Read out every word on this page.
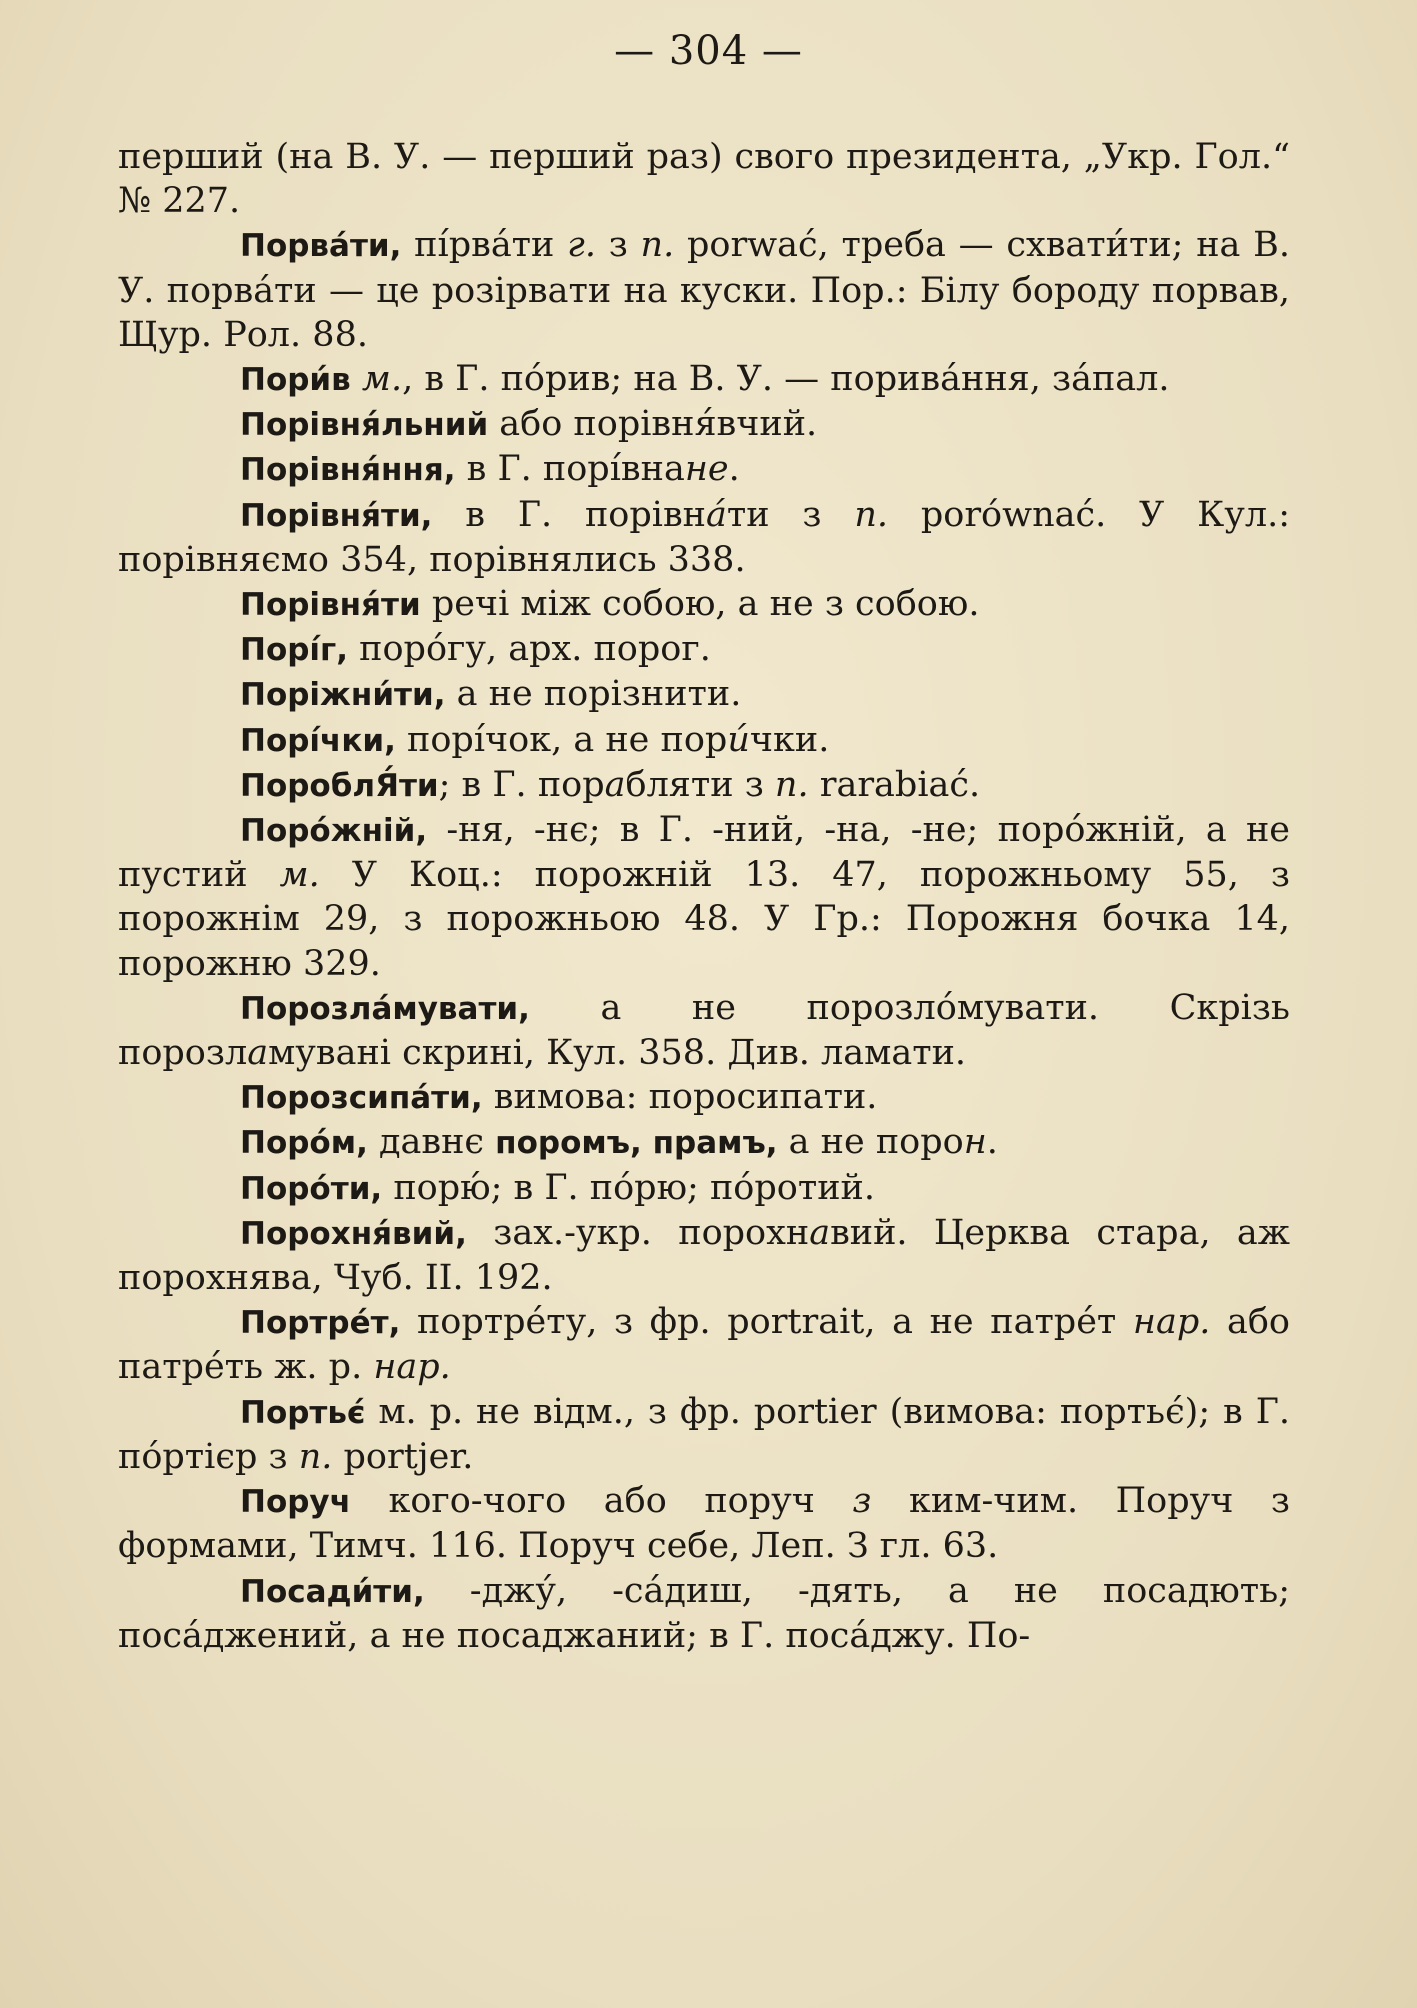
— 304 —

перший (на В. У. — перший раз) свого президента, „Укр. Гол.“ № 227.

Порва́ти, пі́рва́ти г. з п. porwać, треба — схвати́ти; на В. У. порва́ти — це розірвати на куски. Пор.: Білу бороду порвав, Щур. Рол. 88.

Пори́в м., в Г. по́рив; на В. У. — порива́ння, за́пал.

Порівня́льний або порівня́вчий.

Порівня́ння, в Г. порі́внане.

Порівня́ти, в Г. порівна́ти з п. porównać. У Кул.: порівняємо 354, порівнялись 338.

Порівня́ти речі між собою, а не з собою.

Порі́г, поро́гу, арх. порог.

Поріжни́ти, а не порізнити.

Порі́чки, порі́чок, а не пори́чки.

ПороблЯ́ти; в Г. порабляти з п. rarabiać.

Поро́жній, -ня, -нє; в Г. -ний, -на, -не; поро́жній, а не пустий м. У Коц.: порожній 13. 47, порожньому 55, з порожнім 29, з порожньою 48. У Гр.: Порожня бочка 14, порожню 329.

Порозла́мувати, а не порозло́мувати. Скрізь порозламувані скрині, Кул. 358. Див. ламати.

Порозсипа́ти, вимова: поросипати.

Поро́м, давнє поромъ, прамъ, а не порон.

Поро́ти, порю́; в Г. по́рю; по́ротий.

Порохня́вий, зах.-укр. порохнавий. Церква стара, аж порохнява, Чуб. II. 192.

Портре́т, портре́ту, з фр. portrait, а не патре́т нар. або патре́ть ж. р. нар.

Портьє́ м. р. не відм., з фр. portier (вимова: портьє́); в Г. по́ртієр з п. portjer.

Поруч кого-чого або поруч з ким-чим. Поруч з формами, Тимч. 116. Поруч себе, Леп. З гл. 63.

Посади́ти, -джу́, -са́диш, -дять, а не посадють; поса́джений, а не посаджаний; в Г. поса́джу. По-
